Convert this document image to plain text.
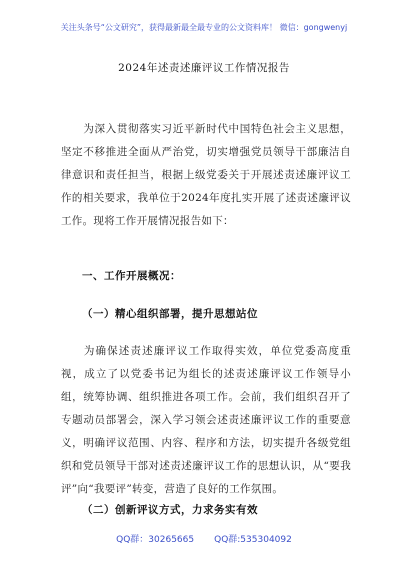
关注头条号“公文研究”，获得最新最全最专业的公文资料库！ 微信：gongwenyj
2024年述责述廉评议工作情况报告
为深入贯彻落实习近平新时代中国特色社会主义思想，坚定不移推进全面从严治党，切实增强党员领导干部廉洁自律意识和责任担当，根据上级党委关于开展述责述廉评议工作的相关要求，我单位于2024年度扎实开展了述责述廉评议工作。现将工作开展情况报告如下：
一、工作开展概况：
（一）精心组织部署，提升思想站位
为确保述责述廉评议工作取得实效，单位党委高度重视，成立了以党委书记为组长的述责述廉评议工作领导小组，统筹协调、组织推进各项工作。会前，我们组织召开了专题动员部署会，深入学习领会述责述廉评议工作的重要意义，明确评议范围、内容、程序和方法，切实提升各级党组织和党员领导干部对述责述廉评议工作的思想认识，从“要我评”向“我要评”转变，营造了良好的工作氛围。
（二）创新评议方式，力求务实有效
QQ群：30265665 QQ群:535304092
